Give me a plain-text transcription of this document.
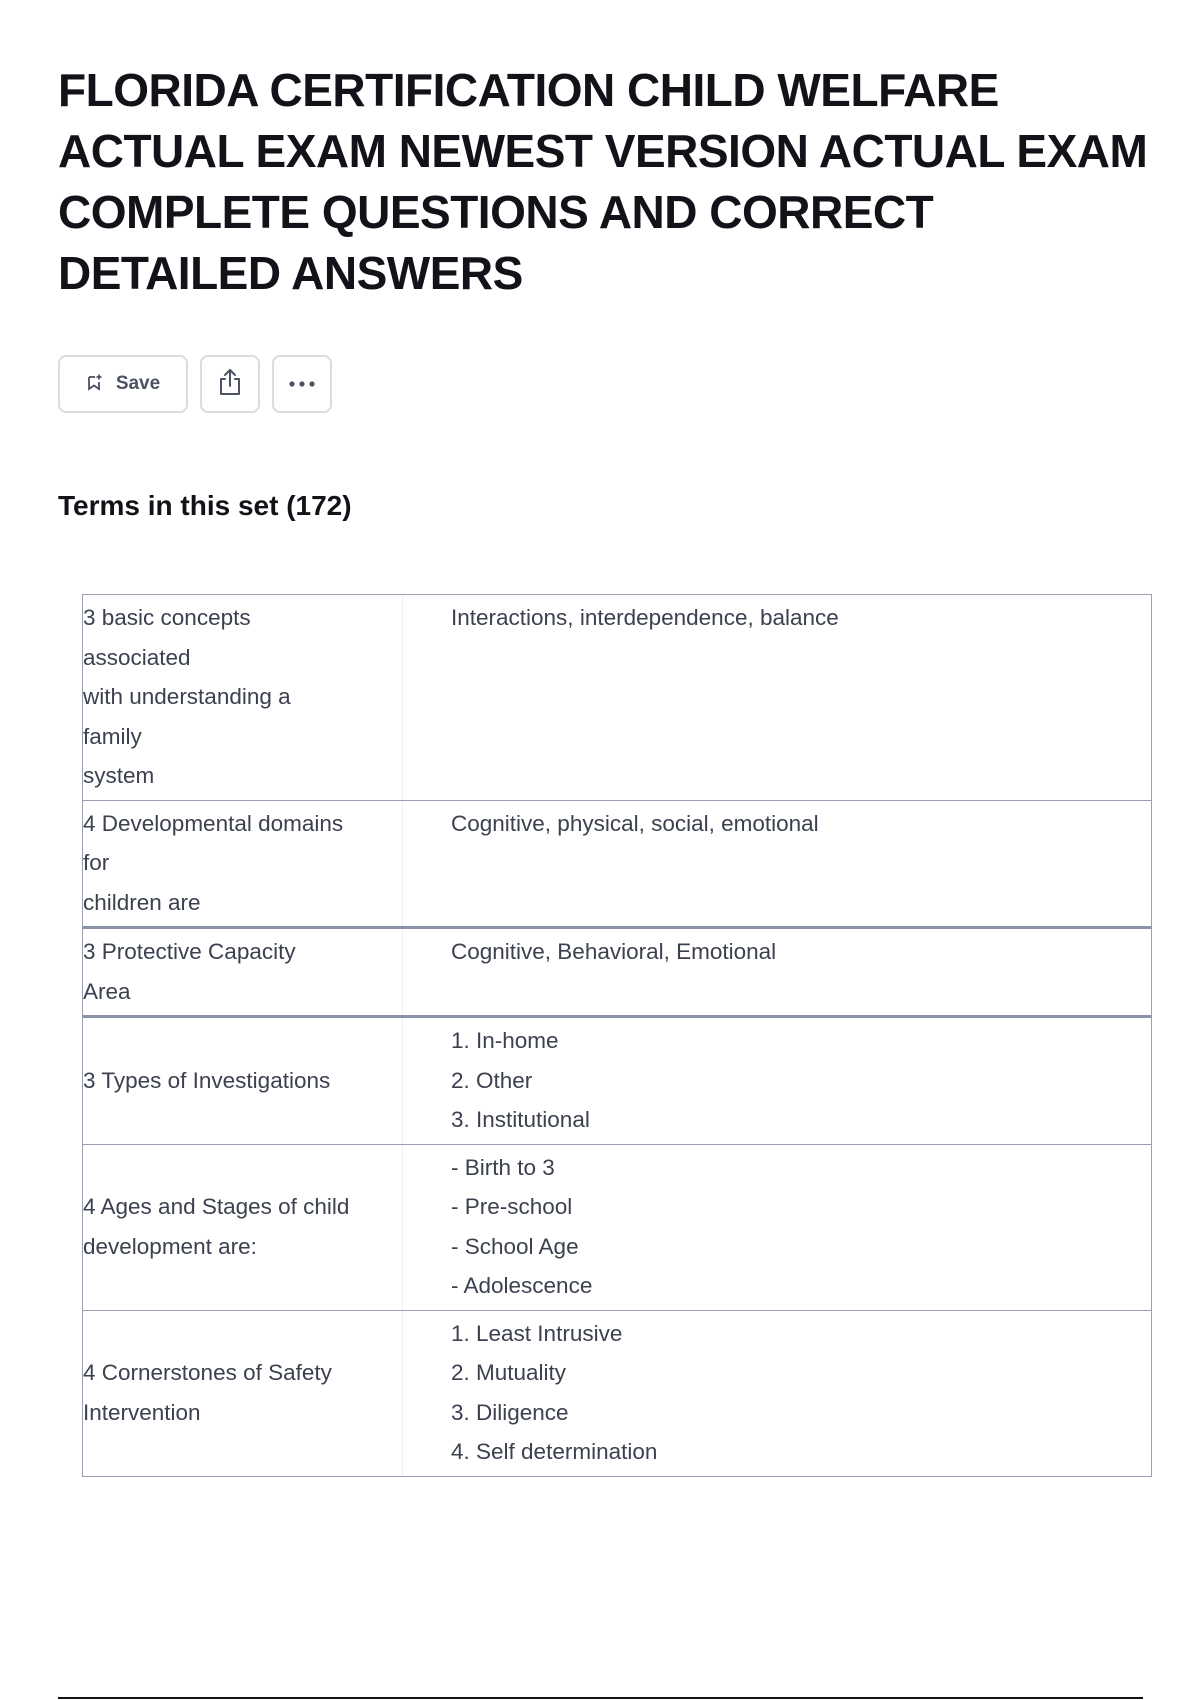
FLORIDA CERTIFICATION CHILD WELFARE
ACTUAL EXAM NEWEST VERSION ACTUAL EXAM
COMPLETE QUESTIONS AND CORRECT
DETAILED ANSWERS
Save
Terms in this set (172)
3 basic concepts
associated
with understanding a
family
system
Interactions, interdependence, balance
4 Developmental domains
for
children are
Cognitive, physical, social, emotional
3 Protective Capacity
Area
Cognitive, Behavioral, Emotional
3 Types of Investigations
1. In-home
2. Other
3. Institutional
4 Ages and Stages of child
development are:
- Birth to 3
- Pre-school
- School Age
- Adolescence
4 Cornerstones of Safety
Intervention
1. Least Intrusive
2. Mutuality
3. Diligence
4. Self determination
